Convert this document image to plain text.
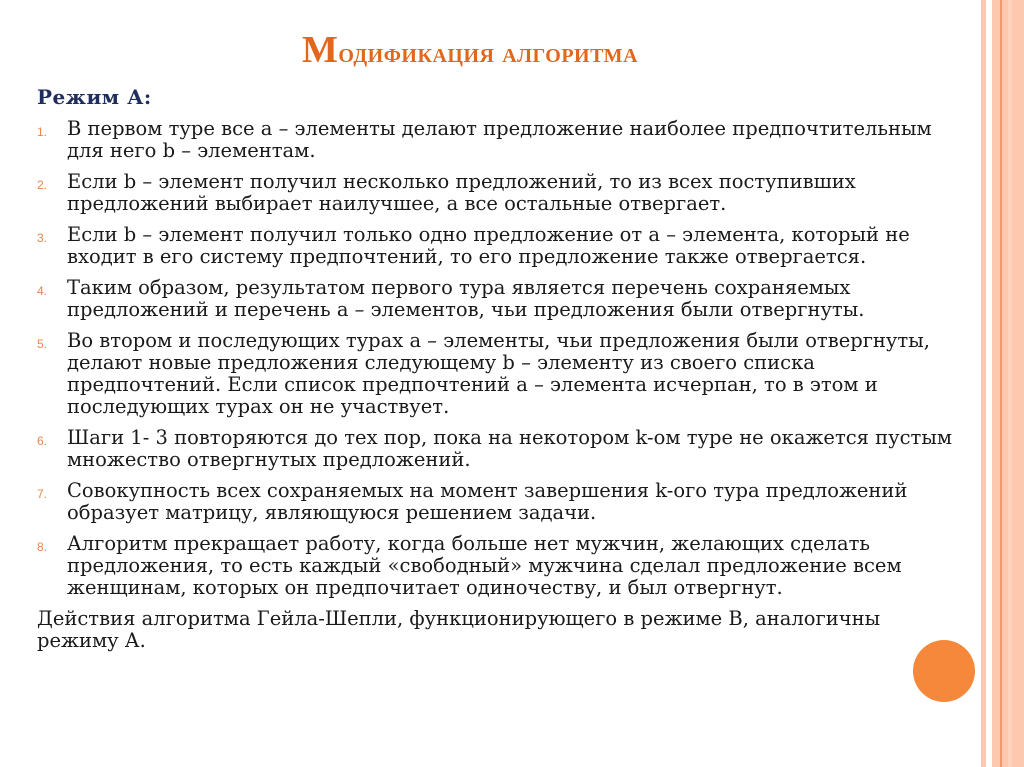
Модификация алгоритма
Режим А:
1. В первом туре все а – элементы делают предложение наиболее предпочтительным для него b – элементам.
2. Если b – элемент получил несколько предложений, то из всех поступивших предложений выбирает наилучшее, а все остальные отвергает.
3. Если b – элемент получил только одно предложение от а – элемента, который не входит в его систему предпочтений, то его предложение также отвергается.
4. Таким образом, результатом первого тура является перечень сохраняемых предложений и перечень а – элементов, чьи предложения были отвергнуты.
5. Во втором и последующих турах а – элементы, чьи предложения были отвергнуты, делают новые предложения следующему b – элементу из своего списка предпочтений. Если список предпочтений а – элемента исчерпан, то в этом и последующих турах он не участвует.
6. Шаги 1- 3 повторяются до тех пор, пока на некотором k-ом туре не окажется пустым множество отвергнутых предложений.
7. Совокупность всех сохраняемых на момент завершения k-ого тура предложений образует матрицу, являющуюся решением задачи.
8. Алгоритм прекращает работу, когда больше нет мужчин, желающих сделать предложения, то есть каждый «свободный» мужчина сделал предложение всем женщинам, которых он предпочитает одиночеству, и был отвергнут.
Действия алгоритма Гейла-Шепли, функционирующего в режиме В, аналогичны режиму А.
